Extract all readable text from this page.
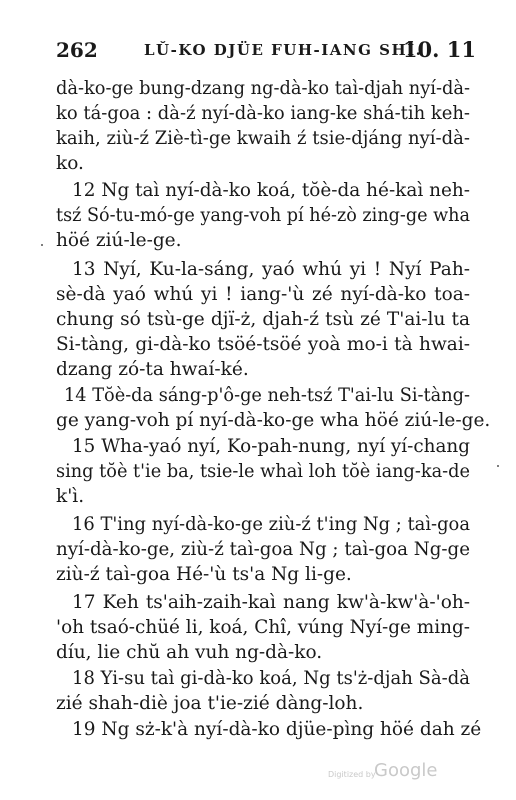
262	LŬ-KO DJÜE FUH-IANG SHĬ.
10. 11
dà-ko-ge bung-dzang ng-dà-ko taì-djah nyí-dà-
ko tá-goa : dà-ź nyí-dà-ko iang-ke shá-tih keh-
kaih, ziù-ź Ziè-tì-ge kwaih ź tsie-djáng nyí-dà-
ko.
12 Ng taì nyí-dà-ko koá, tŏè-da hé-kaì neh-
tsź Só-tu-mó-ge yang-voh pí hé-zò zing-ge wha
höé ziú-le-ge.
13 Nyí, Ku-la-sáng, yaó whú yi ! Nyí Pah-
sè-dà yaó whú yi ! iang-'ù zé nyí-dà-ko toa-
chung só tsù-ge djï-ż, djah-ź tsù zé T'ai-lu ta
Si-tàng, gi-dà-ko tsöé-tsöé yoà mo-i tà hwai-
dzang zó-ta hwaí-ké.
14 Tŏè-da sáng-p'ô-ge neh-tsź T'ai-lu Si-tàng-
ge yang-voh pí nyí-dà-ko-ge wha höé ziú-le-ge.
15 Wha-yaó nyí, Ko-pah-nung, nyí yí-chang
sing tŏè t'ie ba, tsie-le whaì loh tŏè iang-ka-de
k'ì.
16 T'ing nyí-dà-ko-ge ziù-ź t'ing Ng ; taì-goa
nyí-dà-ko-ge, ziù-ź taì-goa Ng ; taì-goa Ng-ge
ziù-ź taì-goa Hé-'ù ts'a Ng li-ge.
17 Keh ts'aih-zaih-kaì nang kw'à-kw'à-'oh-
'oh tsaó-chüé li, koá, Chî, vúng Nyí-ge ming-
díu, lie chŭ ah vuh ng-dà-ko.
18 Yi-su taì gi-dà-ko koá, Ng ts'ż-djah Sà-dà
zié shah-diè joa t'ie-zié dàng-loh.
19 Ng sż-k'à nyí-dà-ko djüe-pìng höé dah zé
Digitized by
Google
